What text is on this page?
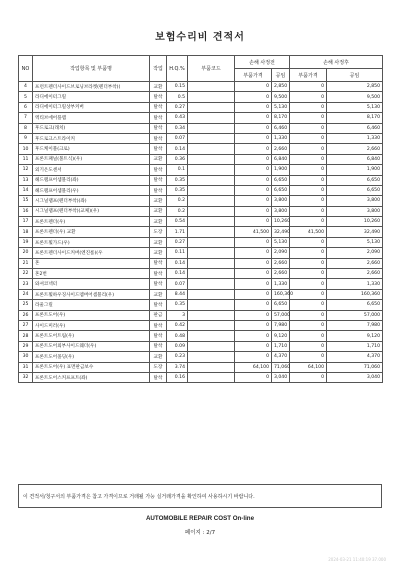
보험수리비 견적서
NO	작업항목 및 부품명	작업	H.Q.%	부품코드	손해 사정전		손해 사정후	
					부품가격	공임	부품가격	공임
4	프런트펜더사이드브로닝브라켓(펜더부착)(	교환	0.15		0	2,850	0	2,850
5	라디에이터그릴	탈착	0.5		0	9,500	0	9,500
6	라디에이터그릴상부커버	탈착	0.27		0	5,130	0	5,130
7	엑티브에어플랩	탈착	0.43		0	8,170	0	8,170
8	후드로크(래치)	탈착	0.34		0	6,460	0	6,460
9	후드로크스트라이커	탈착	0.07		0	1,330	0	1,330
10	후드케이블(크로)	탈착	0.14		0	2,660	0	2,660
11	프론트패널(볼트식)(우)	교환	0.36		0	6,840	0	6,840
12	외기온도센서	탈착	0.1		0	1,900	0	1,900
13	헤드램프어셈블리(좌)	탈착	0.35		0	6,650	0	6,650
14	헤드램프어셈블리(우)	탈착	0.35		0	6,650	0	6,650
15	시그널램프(펜더부착)(좌)	교환	0.2		0	3,800	0	3,800
16	시그널램프(펜더부착)(교체)(우)	교환	0.2		0	3,800	0	3,800
17	프론트펜더(우)	교환	0.54		0	10,260	0	10,260
18	프론트펜더(우) 교환	도장	1.71		41,500	32,490	41,500	32,490
19	프론트휠가드(우)	교환	0.27		0	5,130	0	5,130
20	프론트펜더사이드커버(엔진룸)(우	교환	0.11		0	2,090	0	2,090
21	혼	탈착	0.14		0	2,660	0	2,660
22	혼2번	탈착	0.14		0	2,660	0	2,660
23	와셔코넥터	탈착	0.07		0	1,330	0	1,330
24	프론트휠하우징사이드멤버어셈블리(우)	교환	8.44		0	160,360	0	160,360
25	라울그릴	탈착	0.35		0	6,650	0	6,650
26	프론트도어(우)	판금	3		0	57,000	0	57,000
27	사이드미러(우)	탈착	0.42		0	7,980	0	7,980
28	프론트도어트림(우)	탈착	0.48		0	9,120	0	9,120
29	프론트도어외부사이드웨더(우)	탈착	0.09		0	1,710	0	1,710
30	프론트도어몰딩(우)	교환	0.23		0	4,370	0	4,370
31	프론트도어(우) 표면판금보수	도장	3.74		64,100	71,060	64,100	71,060
32	프론트도어스커프프트(좌)	탈착	0.16		0	3,040	0	3,040
이 견적서/청구서의 부품가격은 참고 가격이므로 거래될 가능 실거래가격을 확인하여 사용하시기 바랍니다.
AUTOMOBILE REPAIR COST On-line
페이지 : 2/7
2024-03-21 11:40:19 37.000
